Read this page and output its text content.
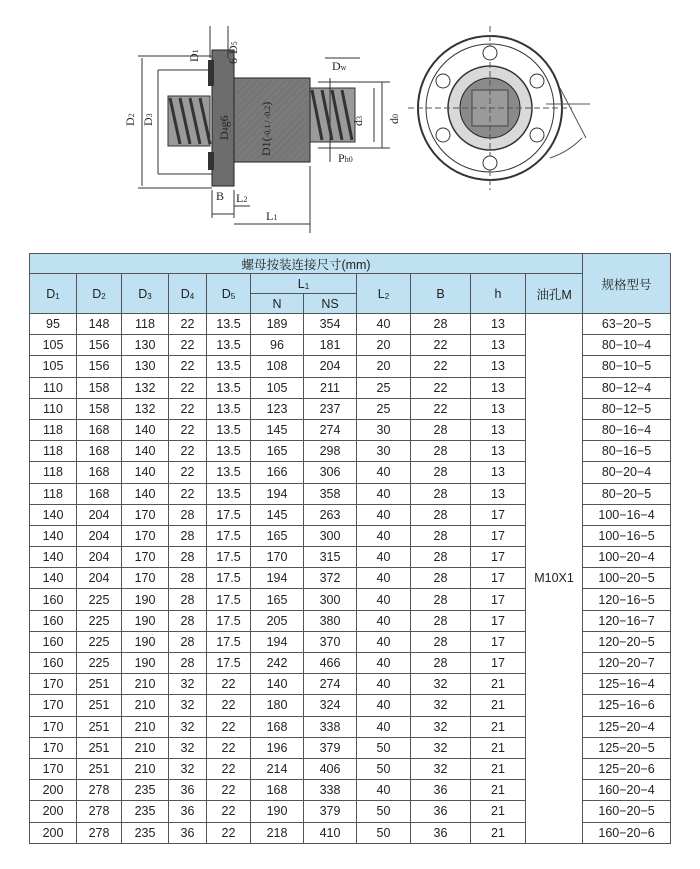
D1 6-D5
Dw
D2
D3
D4g6
D1(-0.1 / -0.2)
d3 d0
Ph0
B L2
L1
螺母按装连接尺寸(mm)											规格型号
D1	D2	D3	D4	D5	L1		L2	B	h	油孔M	
					N	NS					
95	148	118	22	13.5	189	354	40	28	13	M10X1	63−20−5
105	156	130	22	13.5	96	181	20	22	13		80−10−4
105	156	130	22	13.5	108	204	20	22	13		80−10−5
110	158	132	22	13.5	105	211	25	22	13		80−12−4
110	158	132	22	13.5	123	237	25	22	13		80−12−5
118	168	140	22	13.5	145	274	30	28	13		80−16−4
118	168	140	22	13.5	165	298	30	28	13		80−16−5
118	168	140	22	13.5	166	306	40	28	13		80−20−4
118	168	140	22	13.5	194	358	40	28	13		80−20−5
140	204	170	28	17.5	145	263	40	28	17		100−16−4
140	204	170	28	17.5	165	300	40	28	17		100−16−5
140	204	170	28	17.5	170	315	40	28	17		100−20−4
140	204	170	28	17.5	194	372	40	28	17		100−20−5
160	225	190	28	17.5	165	300	40	28	17		120−16−5
160	225	190	28	17.5	205	380	40	28	17		120−16−7
160	225	190	28	17.5	194	370	40	28	17		120−20−5
160	225	190	28	17.5	242	466	40	28	17		120−20−7
170	251	210	32	22	140	274	40	32	21		125−16−4
170	251	210	32	22	180	324	40	32	21		125−16−6
170	251	210	32	22	168	338	40	32	21		125−20−4
170	251	210	32	22	196	379	50	32	21		125−20−5
170	251	210	32	22	214	406	50	32	21		125−20−6
200	278	235	36	22	168	338	40	36	21		160−20−4
200	278	235	36	22	190	379	50	36	21		160−20−5
200	278	235	36	22	218	410	50	36	21		160−20−6
